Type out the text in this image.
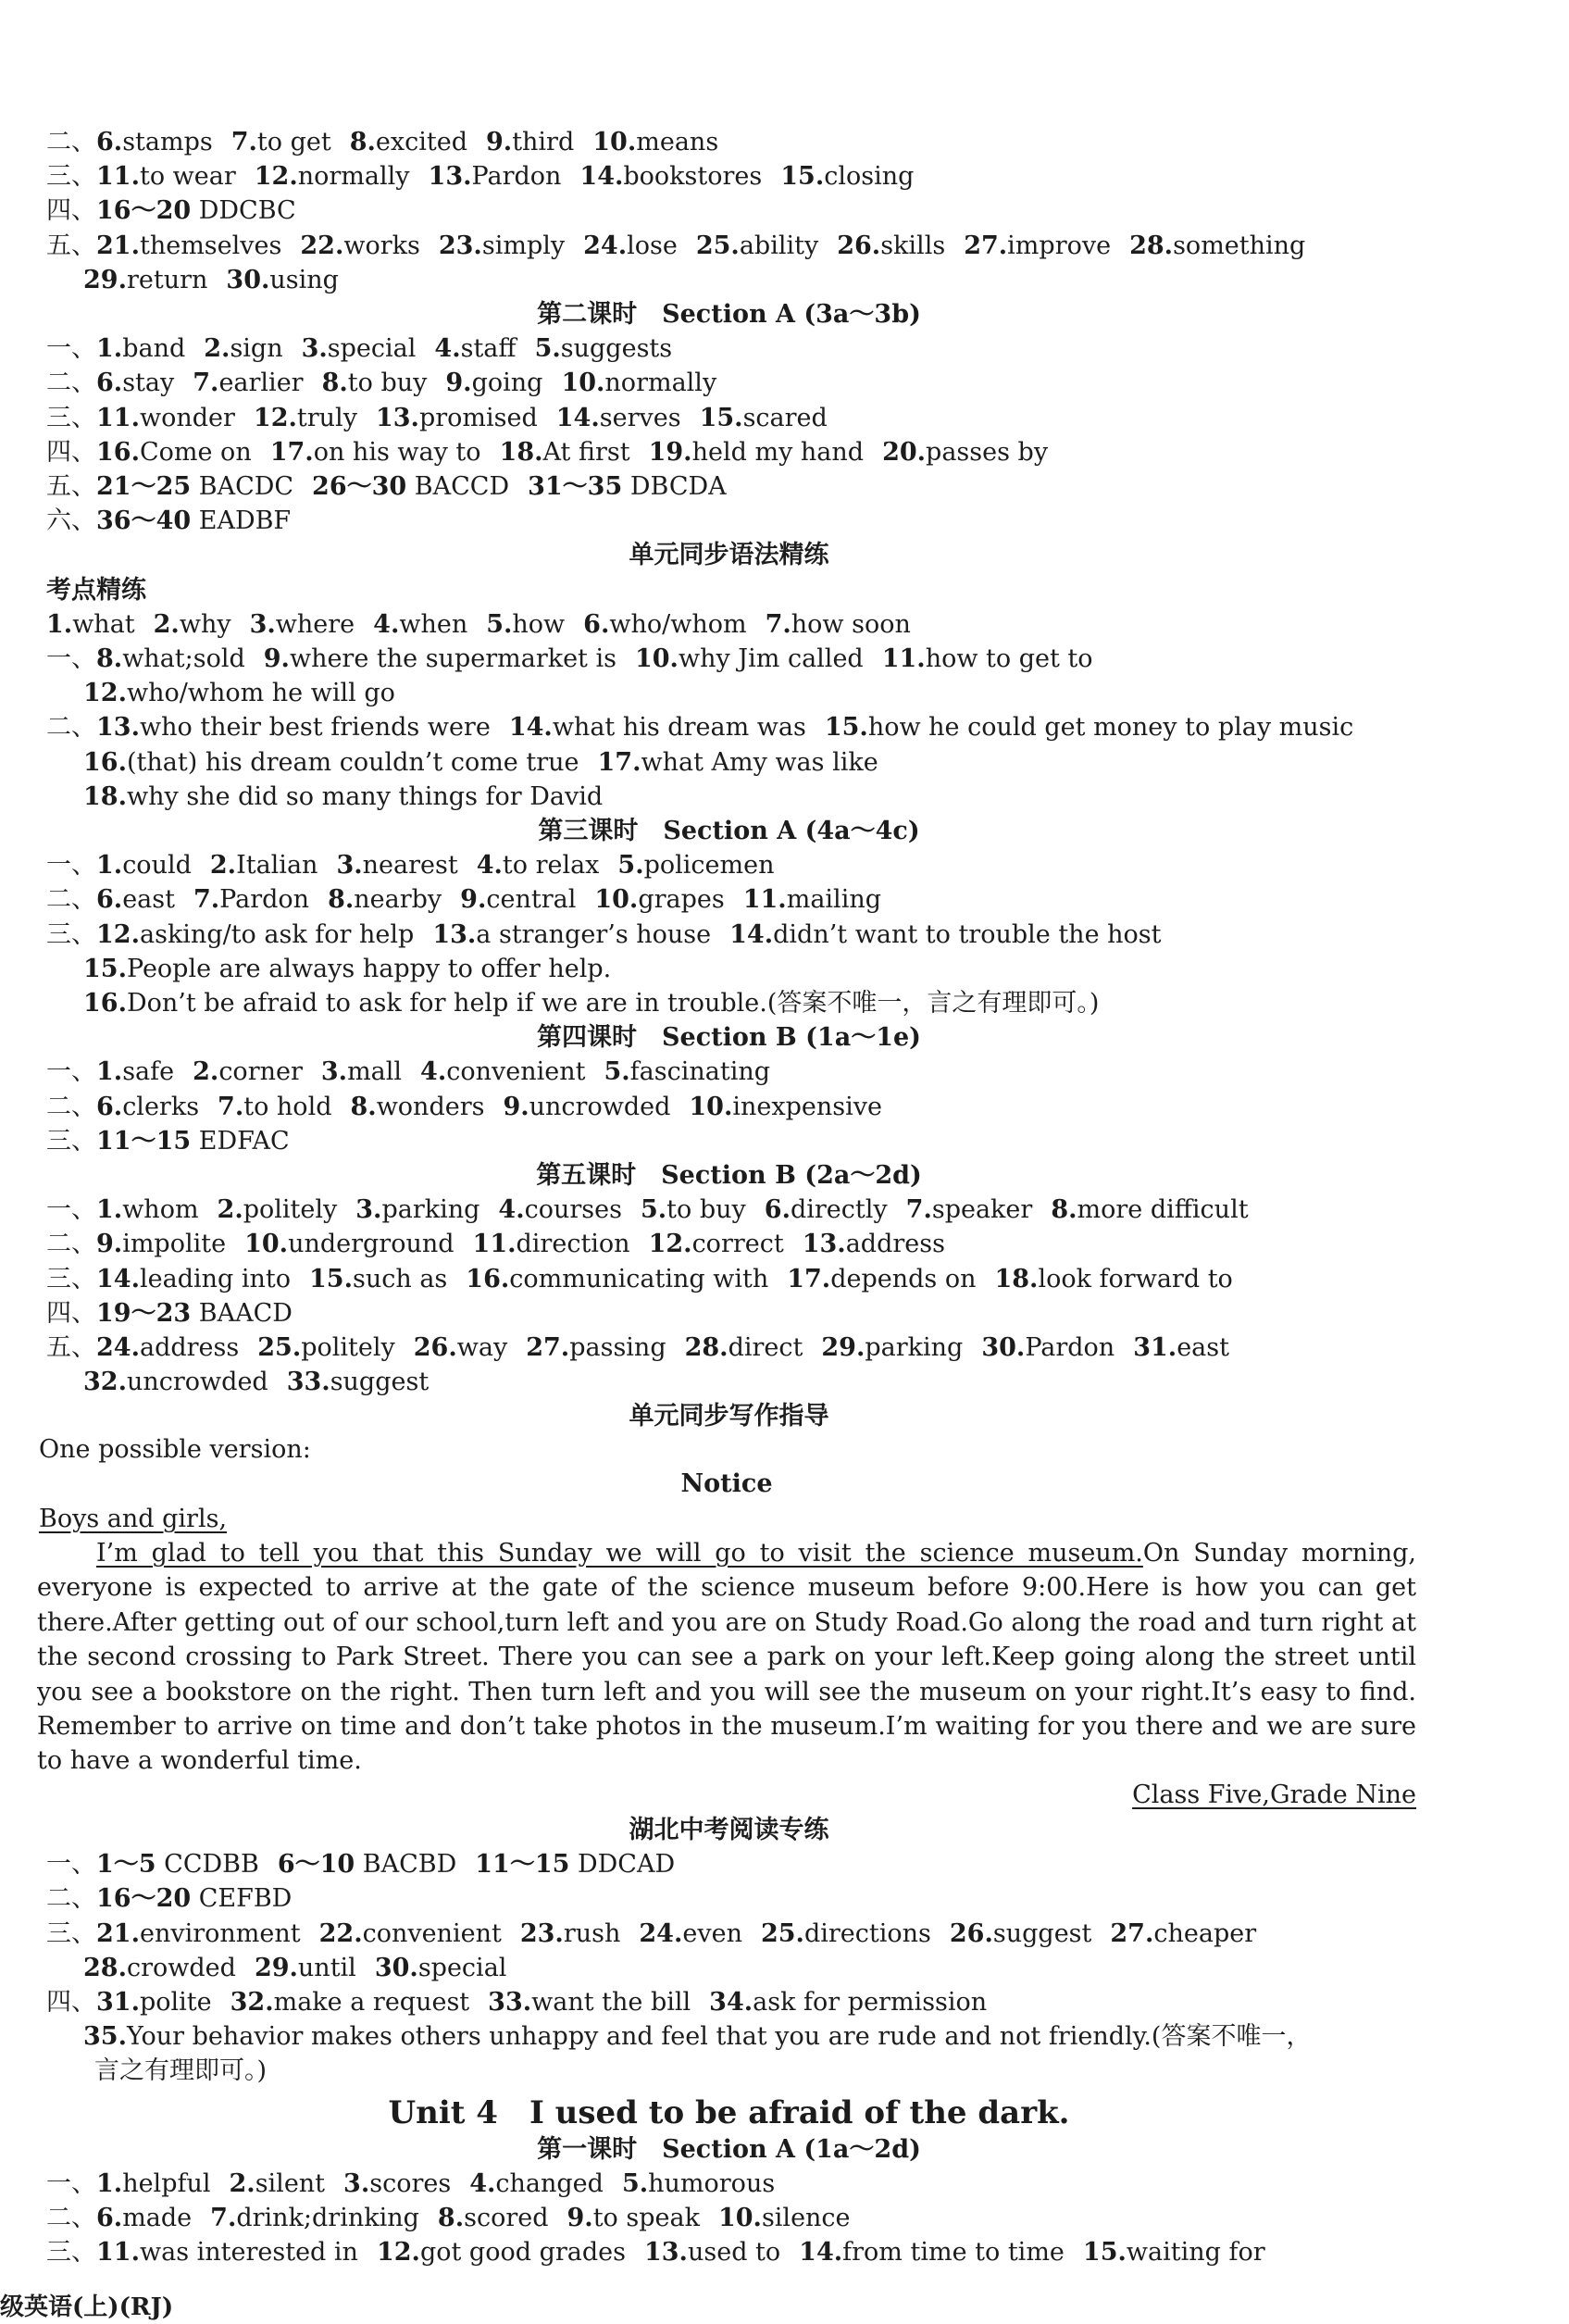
二、6.stamps 7.to get 8.excited 9.third 10.means
三、11.to wear 12.normally 13.Pardon 14.bookstores 15.closing
四、16～20 DDCBC
五、21.themselves 22.works 23.simply 24.lose 25.ability 26.skills 27.improve 28.something
29.return 30.using
第二课时　Section A (3a～3b)
一、1.band 2.sign 3.special 4.staff 5.suggests
二、6.stay 7.earlier 8.to buy 9.going 10.normally
三、11.wonder 12.truly 13.promised 14.serves 15.scared
四、16.Come on 17.on his way to 18.At first 19.held my hand 20.passes by
五、21～25 BACDC 26～30 BACCD 31～35 DBCDA
六、36～40 EADBF
单元同步语法精练
考点精练
1.what 2.why 3.where 4.when 5.how 6.who/whom 7.how soon
一、8.what;sold 9.where the supermarket is 10.why Jim called 11.how to get to
12.who/whom he will go
二、13.who their best friends were 14.what his dream was 15.how he could get money to play music
16.(that) his dream couldn’t come true 17.what Amy was like
18.why she did so many things for David
第三课时　Section A (4a～4c)
一、1.could 2.Italian 3.nearest 4.to relax 5.policemen
二、6.east 7.Pardon 8.nearby 9.central 10.grapes 11.mailing
三、12.asking/to ask for help 13.a stranger’s house 14.didn’t want to trouble the host
15.People are always happy to offer help.
16.Don’t be afraid to ask for help if we are in trouble.(答案不唯一，言之有理即可。)
第四课时　Section B (1a～1e)
一、1.safe 2.corner 3.mall 4.convenient 5.fascinating
二、6.clerks 7.to hold 8.wonders 9.uncrowded 10.inexpensive
三、11～15 EDFAC
第五课时　Section B (2a～2d)
一、1.whom 2.politely 3.parking 4.courses 5.to buy 6.directly 7.speaker 8.more difficult
二、9.impolite 10.underground 11.direction 12.correct 13.address
三、14.leading into 15.such as 16.communicating with 17.depends on 18.look forward to
四、19～23 BAACD
五、24.address 25.politely 26.way 27.passing 28.direct 29.parking 30.Pardon 31.east
32.uncrowded 33.suggest
单元同步写作指导
One possible version:
Notice
Boys and girls,
I’m glad to tell you that this Sunday we will go to visit the science museum.On Sunday morning, everyone is expected to arrive at the gate of the science museum before 9:00.Here is how you can get there.After getting out of our school,turn left and you are on Study Road.Go along the road and turn right at the second crossing to Park Street. There you can see a park on your left.Keep going along the street until you see a bookstore on the right. Then turn left and you will see the museum on your right.It’s easy to find. Remember to arrive on time and don’t take photos in the museum.I’m waiting for you there and we are sure to have a wonderful time.
Class Five,Grade Nine
湖北中考阅读专练
一、1～5 CCDBB 6～10 BACBD 11～15 DDCAD
二、16～20 CEFBD
三、21.environment 22.convenient 23.rush 24.even 25.directions 26.suggest 27.cheaper
28.crowded 29.until 30.special
四、31.polite 32.make a request 33.want the bill 34.ask for permission
35.Your behavior makes others unhappy and feel that you are rude and not friendly.(答案不唯一，
言之有理即可。)
Unit 4　I used to be afraid of the dark.
第一课时　Section A (1a～2d)
一、1.helpful 2.silent 3.scores 4.changed 5.humorous
二、6.made 7.drink;drinking 8.scored 9.to speak 10.silence
三、11.was interested in 12.got good grades 13.used to 14.from time to time 15.waiting for
级英语(上)(RJ)
